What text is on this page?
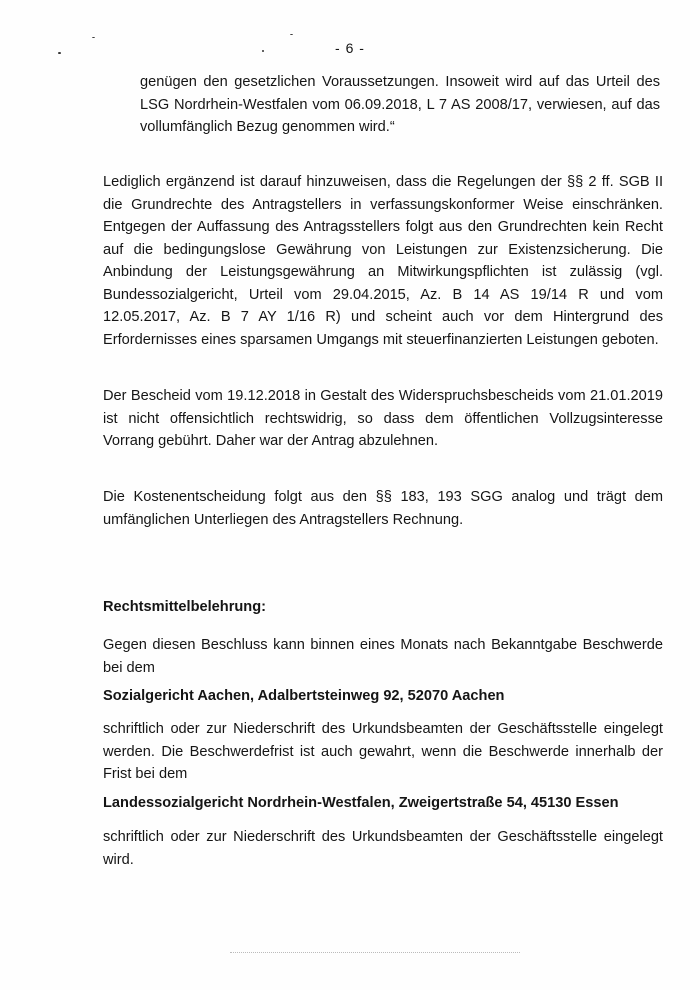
- 6 -
genügen den gesetzlichen Voraussetzungen. Insoweit wird auf das Urteil des LSG Nordrhein-Westfalen vom 06.09.2018, L 7 AS 2008/17, verwiesen, auf das vollumfänglich Bezug genommen wird.“
Lediglich ergänzend ist darauf hinzuweisen, dass die Regelungen der §§ 2 ff. SGB II die Grundrechte des Antragstellers in verfassungskonformer Weise einschränken. Entgegen der Auffassung des Antragsstellers folgt aus den Grundrechten kein Recht auf die bedingungslose Gewährung von Leistungen zur Existenzsicherung. Die Anbindung der Leistungsgewährung an Mitwirkungspflichten ist zulässig (vgl. Bundessozialgericht, Urteil vom 29.04.2015, Az. B 14 AS 19/14 R und vom 12.05.2017, Az. B 7 AY 1/16 R) und scheint auch vor dem Hintergrund des Erfordernisses eines sparsamen Umgangs mit steuerfinanzierten Leistungen geboten.
Der Bescheid vom 19.12.2018 in Gestalt des Widerspruchsbescheids vom 21.01.2019 ist nicht offensichtlich rechtswidrig, so dass dem öffentlichen Vollzugsinteresse Vorrang gebührt. Daher war der Antrag abzulehnen.
Die Kostenentscheidung folgt aus den §§ 183, 193 SGG analog und trägt dem umfänglichen Unterliegen des Antragstellers Rechnung.
Rechtsmittelbelehrung:
Gegen diesen Beschluss kann binnen eines Monats nach Bekanntgabe Beschwerde bei dem
Sozialgericht Aachen, Adalbertsteinweg 92, 52070 Aachen
schriftlich oder zur Niederschrift des Urkundsbeamten der Geschäftsstelle eingelegt werden. Die Beschwerdefrist ist auch gewahrt, wenn die Beschwerde innerhalb der Frist bei dem
Landessozialgericht Nordrhein-Westfalen, Zweigertstraße 54, 45130 Essen
schriftlich oder zur Niederschrift des Urkundsbeamten der Geschäftsstelle eingelegt wird.
